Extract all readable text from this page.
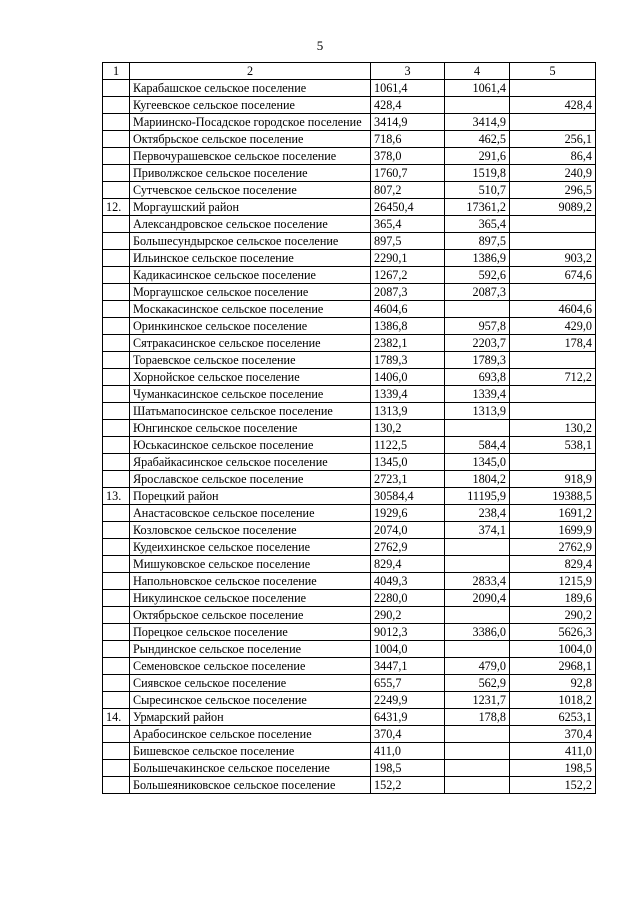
5
1	2	3	4	5
	Карабашское сельское поселение	1061,4	1061,4	
	Кугеевское сельское поселение	428,4		428,4
	Мариинско-Посадское городское поселение	3414,9	3414,9	
	Октябрьское сельское поселение	718,6	462,5	256,1
	Первочурашевское сельское поселение	378,0	291,6	86,4
	Приволжское сельское поселение	1760,7	1519,8	240,9
	Сутчевское сельское поселение	807,2	510,7	296,5
12.	Моргаушский район	26450,4	17361,2	9089,2
	Александровское сельское поселение	365,4	365,4	
	Большесундырское сельское поселение	897,5	897,5	
	Ильинское сельское поселение	2290,1	1386,9	903,2
	Кадикасинское сельское поселение	1267,2	592,6	674,6
	Моргаушское сельское поселение	2087,3	2087,3	
	Москакасинское сельское поселение	4604,6		4604,6
	Оринкинское сельское поселение	1386,8	957,8	429,0
	Сятракасинское сельское поселение	2382,1	2203,7	178,4
	Тораевское сельское поселение	1789,3	1789,3	
	Хорнойское сельское поселение	1406,0	693,8	712,2
	Чуманкасинское сельское поселение	1339,4	1339,4	
	Шатьмапосинское сельское поселение	1313,9	1313,9	
	Юнгинское сельское поселение	130,2		130,2
	Юськасинское сельское поселение	1122,5	584,4	538,1
	Ярабайкасинское сельское поселение	1345,0	1345,0	
	Ярославское сельское поселение	2723,1	1804,2	918,9
13.	Порецкий район	30584,4	11195,9	19388,5
	Анастасовское сельское поселение	1929,6	238,4	1691,2
	Козловское сельское поселение	2074,0	374,1	1699,9
	Кудеихинское сельское поселение	2762,9		2762,9
	Мишуковское сельское поселение	829,4		829,4
	Напольновское сельское поселение	4049,3	2833,4	1215,9
	Никулинское сельское поселение	2280,0	2090,4	189,6
	Октябрьское сельское поселение	290,2		290,2
	Порецкое сельское поселение	9012,3	3386,0	5626,3
	Рындинское сельское поселение	1004,0		1004,0
	Семеновское сельское поселение	3447,1	479,0	2968,1
	Сиявское сельское поселение	655,7	562,9	92,8
	Сыресинское сельское поселение	2249,9	1231,7	1018,2
14.	Урмарский район	6431,9	178,8	6253,1
	Арабосинское сельское поселение	370,4		370,4
	Бишевское сельское поселение	411,0		411,0
	Большечакинское сельское поселение	198,5		198,5
	Большеяниковское сельское поселение	152,2		152,2
